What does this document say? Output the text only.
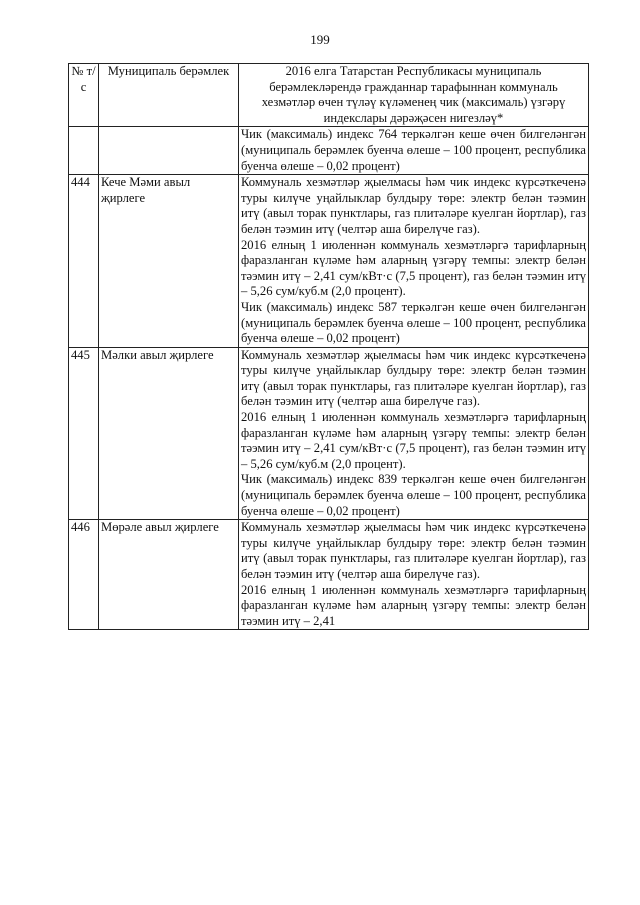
199
№ т/с	Муниципаль берәмлек	2016 елга Татарстан Республикасы муниципаль берәмлекләрендә гражданнар тарафыннан коммуналь хезмәтләр өчен түләү күләменең чик (максималь) үзгәрү индекслары дәрәҗәсен нигезләү*

		Чик (максималь) индекс 764 теркәлгән кеше өчен билгеләнгән (муниципаль берәмлек буенча өлеше – 100 процент, республика буенча өлеше – 0,02 процент)

444	Кече Мәми авыл җирлеге	Коммуналь хезмәтләр җыелмасы һәм чик индекс күрсәткеченә туры килүче уңайлыклар булдыру төре: электр белән тәэмин итү (авыл торак пунктлары, газ плитәләре куелган йортлар), газ белән тәэмин итү (челтәр аша бирелүче газ).

2016 елның 1 июленнән коммуналь хезмәтләргә тарифларның фаразланган күләме һәм аларның үзгәрү темпы: электр белән тәэмин итү – 2,41 сум/кВт·с (7,5 процент), газ белән тәэмин итү – 5,26 сум/куб.м (2,0 процент).

Чик (максималь) индекс 587 теркәлгән кеше өчен билгеләнгән (муниципаль берәмлек буенча өлеше – 100 процент, республика буенча өлеше – 0,02 процент)

445	Мәлки авыл җирлеге	Коммуналь хезмәтләр җыелмасы һәм чик индекс күрсәткеченә туры килүче уңайлыклар булдыру төре: электр белән тәэмин итү (авыл торак пунктлары, газ плитәләре куелган йортлар), газ белән тәэмин итү (челтәр аша бирелүче газ).

2016 елның 1 июленнән коммуналь хезмәтләргә тарифларның фаразланган күләме һәм аларның үзгәрү темпы: электр белән тәэмин итү – 2,41 сум/кВт·с (7,5 процент), газ белән тәэмин итү – 5,26 сум/куб.м (2,0 процент).

Чик (максималь) индекс 839 теркәлгән кеше өчен билгеләнгән (муниципаль берәмлек буенча өлеше – 100 процент, республика буенча өлеше – 0,02 процент)

446	Мөрәле авыл җирлеге	Коммуналь хезмәтләр җыелмасы һәм чик индекс күрсәткеченә туры килүче уңайлыклар булдыру төре: электр белән тәэмин итү (авыл торак пунктлары, газ плитәләре куелган йортлар), газ белән тәэмин итү (челтәр аша бирелүче газ).

2016 елның 1 июленнән коммуналь хезмәтләргә тарифларның фаразланган күләме һәм аларның үзгәрү темпы: электр белән тәэмин итү – 2,41
